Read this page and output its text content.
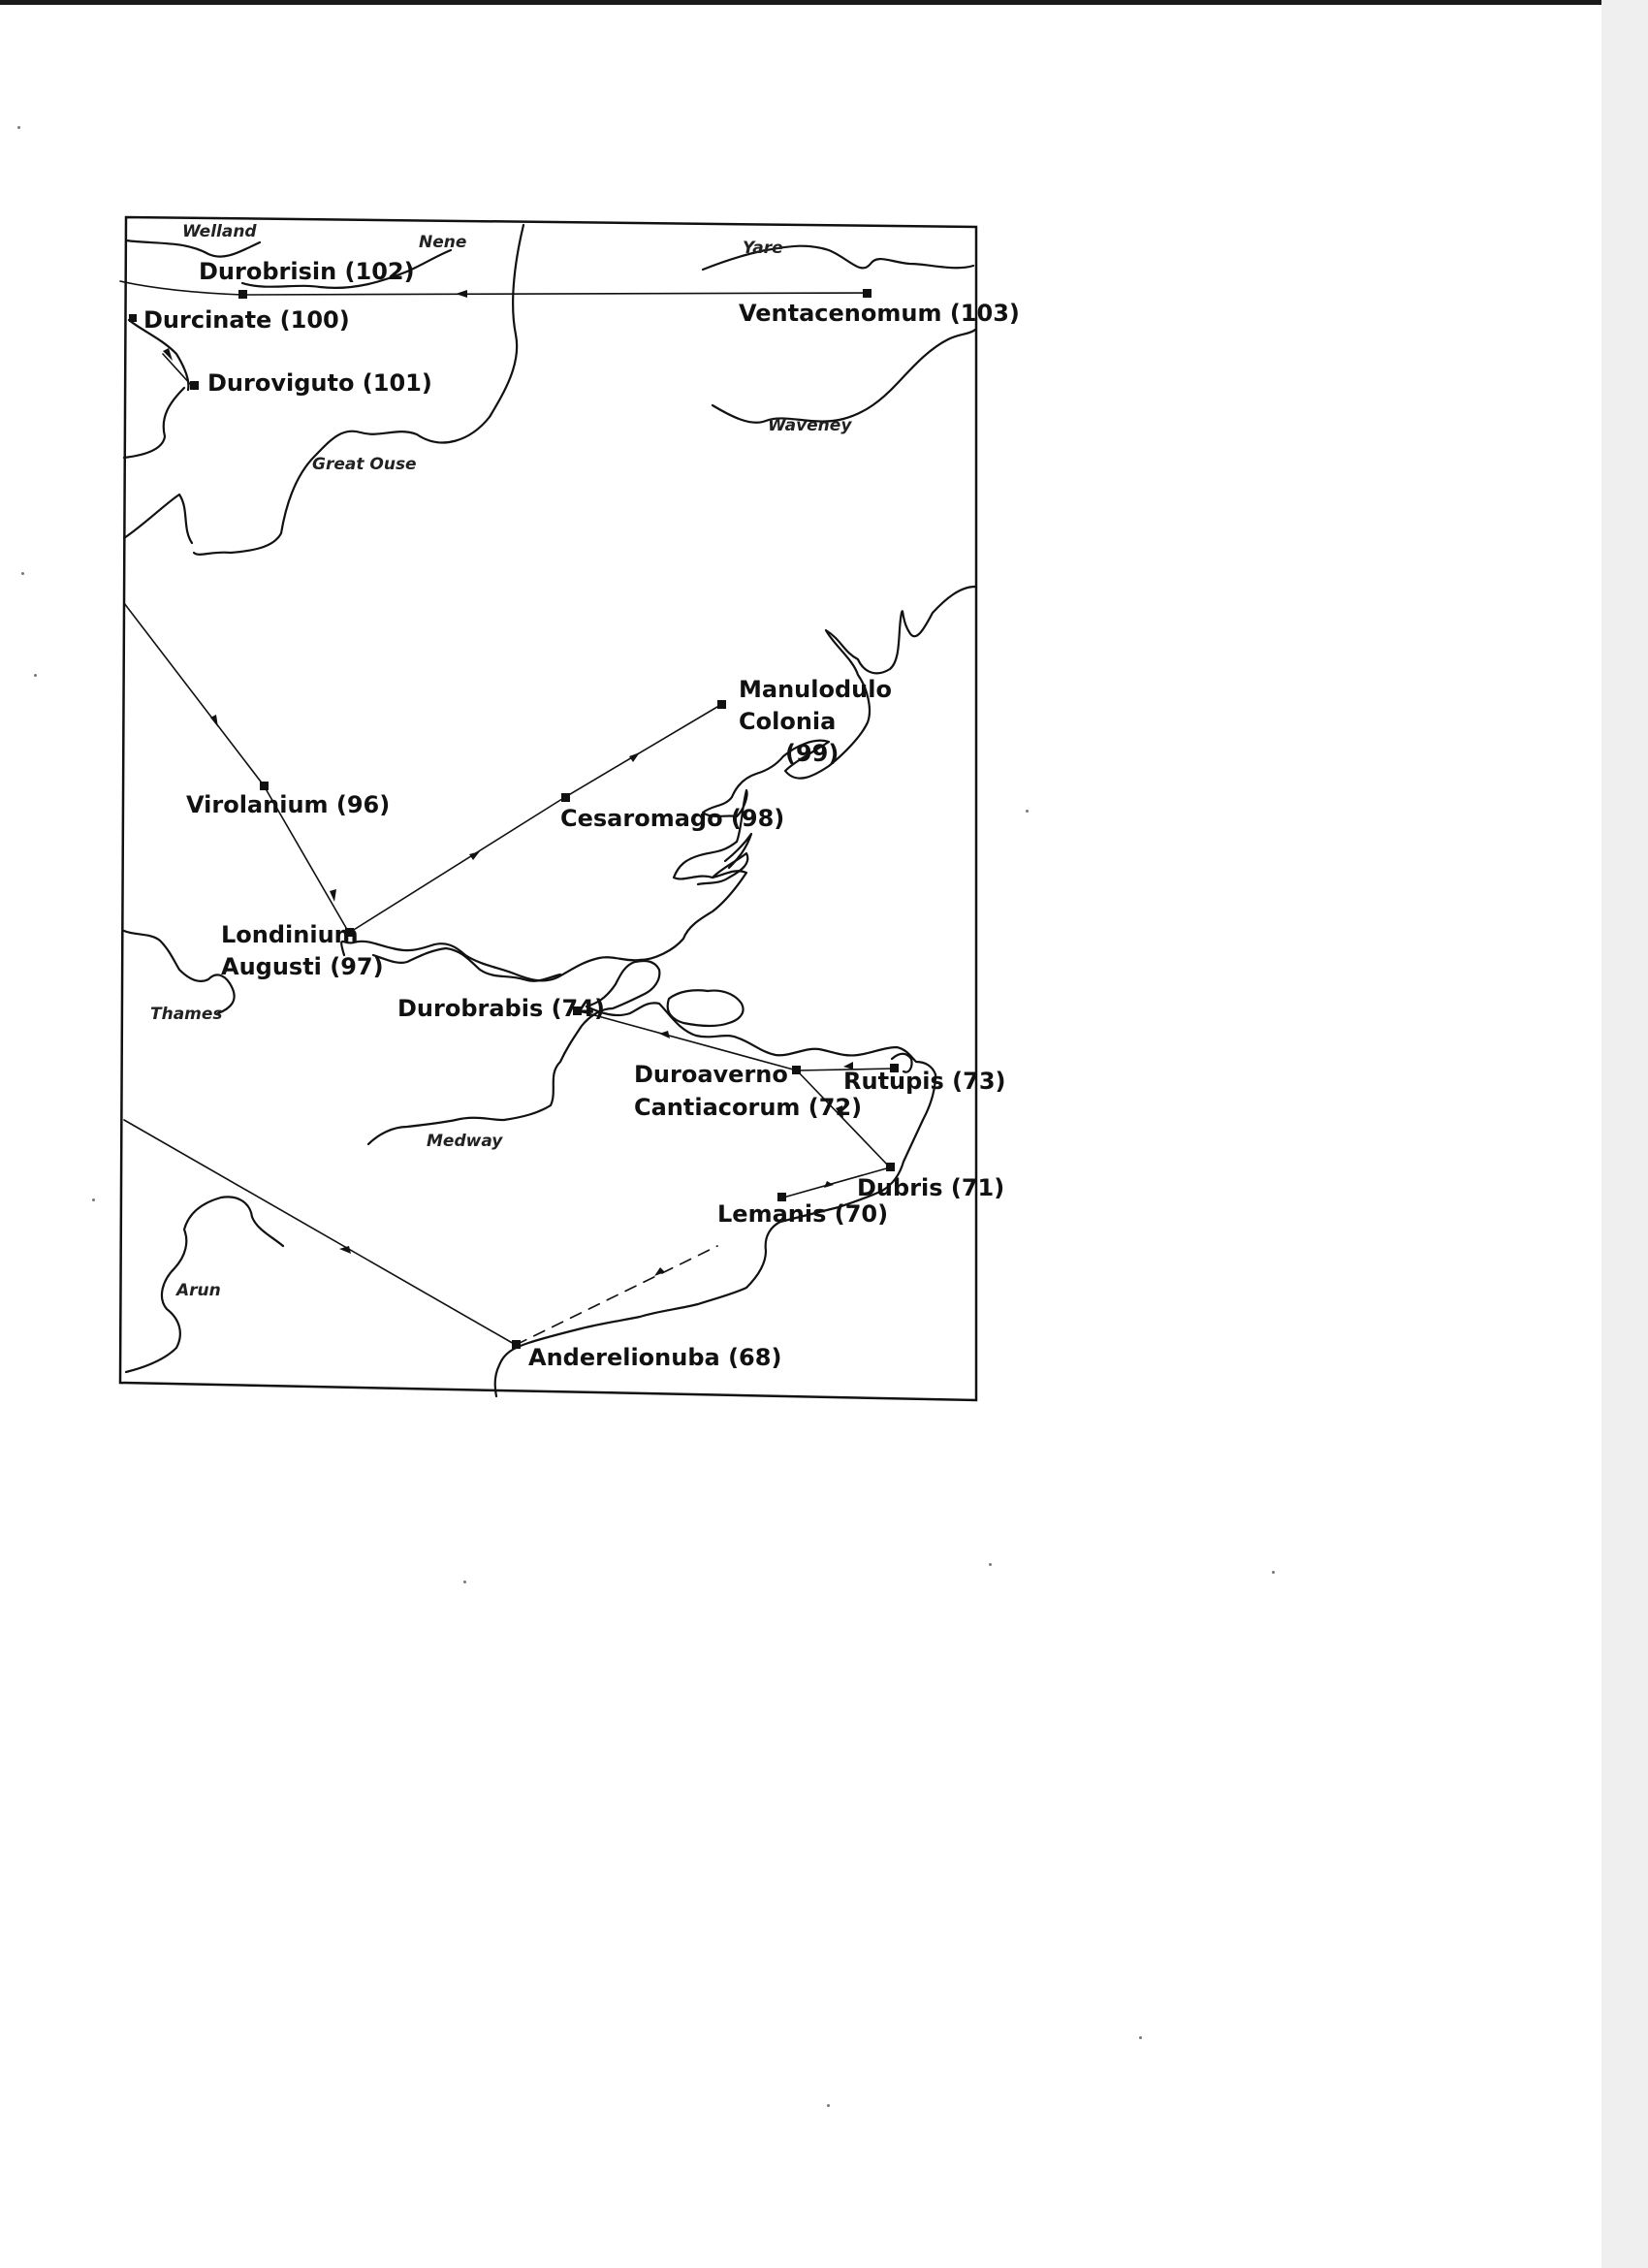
Welland
Nene	Yare
Waveney
Great Ouse
Thames
Medway
Arun
Durobrisin (102)
Durcinate (100)	Ventacenomum (103)
Duroviguto (101)
Manulodulo
Colonia
(99)
Virolanium (96)	Cesaromago (98)
Londinium
Augusti (97)
Durobrabis (74)
Duroaverno
Cantiacorum (72)
Rutupis (73)
Dubris (71)
Lemanis (70)
Anderelionuba (68)
